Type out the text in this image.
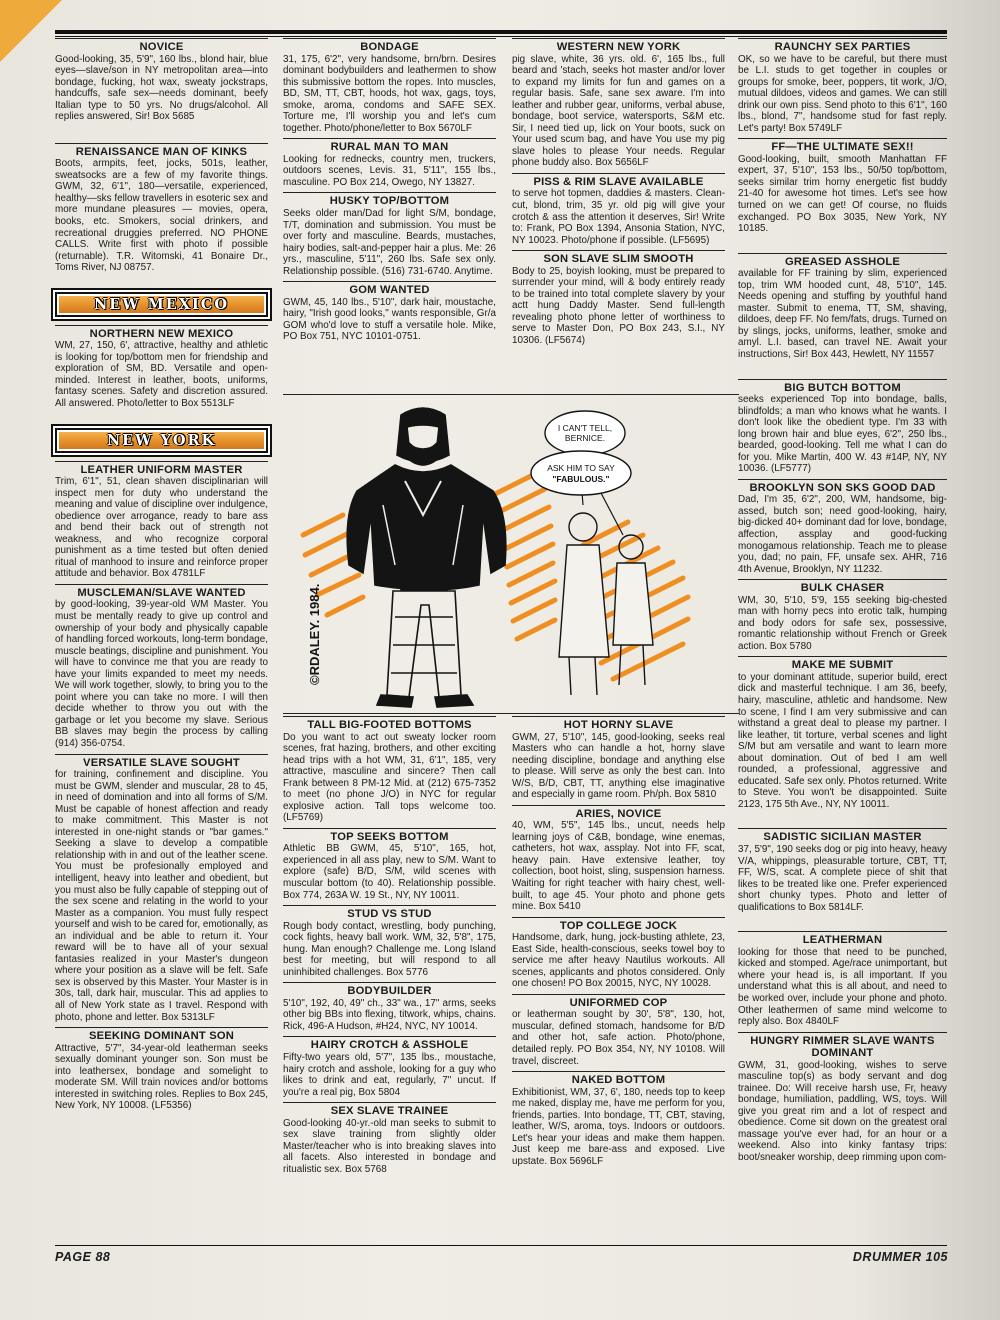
NOVICE

Good-looking, 35, 5'9", 160 lbs., blond hair, blue eyes—slave/son in NY metropolitan area—into bondage, fucking, hot wax, sweaty jockstraps, handcuffs, safe sex—needs dominant, beefy Italian type to 50 yrs. No drugs/alcohol. All replies answered, Sir! Box 5685

RENAISSANCE MAN OF KINKS

Boots, armpits, feet, jocks, 501s, leather, sweatsocks are a few of my favorite things. GWM, 32, 6'1", 180—versatile, experienced, healthy—sks fellow travellers in esoteric sex and more mundane pleasures — movies, opera, books, etc. Smokers, social drinkers, and recreational druggies preferred. NO PHONE CALLS. Write first with photo if possible (returnable). T.R. Witomski, 41 Bonaire Dr., Toms River, NJ 08757.

NEW MEXICO
NORTHERN NEW MEXICO

WM, 27, 150, 6', attractive, healthy and athletic is looking for top/bottom men for friendship and exploration of SM, BD. Versatile and open-minded. Interest in leather, boots, uniforms, fantasy scenes. Safety and discretion assured. All answered. Photo/letter to Box 5513LF

NEW YORK
LEATHER UNIFORM MASTER

Trim, 6'1", 51, clean shaven disciplinarian will inspect men for duty who understand the meaning and value of discipline over indulgence, obedience over arrogance, ready to bare ass and bend their back out of strength not weakness, and who recognize corporal punishment as a time tested but often denied ritual of manhood to insure and reinforce proper attitude and behavior. Box 4781LF

MUSCLEMAN/SLAVE WANTED

by good-looking, 39-year-old WM Master. You must be mentally ready to give up control and ownership of your body and physically capable of handling forced workouts, long-term bondage, muscle beatings, discipline and punishment. You will have to convince me that you are ready to have your limits expanded to meet my needs. We will work together, slowly, to bring you to the point where you can take no more. I will then decide whether to throw you out with the garbage or let you become my slave. Serious BB slaves may begin the process by calling (914) 356-0754.

VERSATILE SLAVE SOUGHT

for training, confinement and discipline. You must be GWM, slender and muscular, 28 to 45, in need of domination and into all forms of S/M. Must be capable of honest affection and ready to make commitment. This Master is not interested in one-night stands or "bar games." Seeking a slave to develop a compatible relationship with in and out of the leather scene. You must be profesionally employed and intelligent, heavy into leather and obedient, but you must also be fully capable of stepping out of the sex scene and relating in the world to your Master as a companion. You must fully respect yourself and wish to be cared for, emotionally, as an individual and be able to return it. Your reward will be to have all of your sexual fantasies realized in your Master's dungeon where your position as a slave will be felt. Safe sex is observed by this Master. Your Master is in 30s, tall, dark hair, muscular. This ad applies to all of New York state as I travel. Respond with photo, phone and letter. Box 5313LF

SEEKING DOMINANT SON

Attractive, 5'7", 34-year-old leatherman seeks sexually dominant younger son. Son must be into leathersex, bondage and somelight to moderate SM. Will train novices and/or bottoms interested in switching roles. Replies to Box 245, New York, NY 10008. (LF5356)

BONDAGE

31, 175, 6'2", very handsome, brn/brn. Desires dominant bodybuilders and leathermen to show this submissive bottom the ropes. Into muscles, BD, SM, TT, CBT, hoods, hot wax, gags, toys, smoke, aroma, condoms and SAFE SEX. Torture me, I'll worship you and let's cum together. Photo/phone/letter to Box 5670LF

RURAL MAN TO MAN

Looking for rednecks, country men, truckers, outdoors scenes, Levis. 31, 5'11", 155 lbs., masculine. PO Box 214, Owego, NY 13827.

HUSKY TOP/BOTTOM

Seeks older man/Dad for light S/M, bondage, T/T, domination and submission. You must be over forty and masculine. Beards, mustaches, hairy bodies, salt-and-pepper hair a plus. Me: 26 yrs., masculine, 5'11", 260 lbs. Safe sex only. Relationship possible. (516) 731-6740. Anytime.

GOM WANTED

GWM, 45, 140 lbs., 5'10", dark hair, moustache, hairy, "Irish good looks," wants responsible, Gr/a GOM who'd love to stuff a versatile hole. Mike, PO Box 751, NYC 10101-0751.

WESTERN NEW YORK

pig slave, white, 36 yrs. old. 6', 165 lbs., full beard and 'stach, seeks hot master and/or lover to expand my limits for fun and games on a regular basis. Safe, sane sex aware. I'm into leather and rubber gear, uniforms, verbal abuse, bondage, boot service, watersports, S&M etc. Sir, I need tied up, lick on Your boots, suck on Your used scum bag, and have You use my pig slave holes to please Your needs. Regular phone buddy also. Box 5656LF

PISS & RIM SLAVE AVAILABLE

to serve hot topmen, daddies & masters. Clean-cut, blond, trim, 35 yr. old pig will give your crotch & ass the attention it deserves, Sir! Write to: Frank, PO Box 1394, Ansonia Station, NYC, NY 10023. Photo/phone if possible. (LF5695)

SON SLAVE SLIM SMOOTH

Body to 25, boyish looking, must be prepared to surrender your mind, will & body entirely ready to be trained into total complete slavery by your actt hung Daddy Master. Send full-length revealing photo phone letter of worthiness to serve to Master Don, PO Box 243, S.I., NY 10306. (LF5674)

I CAN'T TELL,
BERNICE.
ASK HIM TO SAY
"FABULOUS."
©RDALEY. 1984.
RAUNCHY SEX PARTIES

OK, so we have to be careful, but there must be L.I. studs to get together in couples or groups for smoke, beer, poppers, tit work, J/O, mutual dildoes, videos and games. We can still drink our own piss. Send photo to this 6'1", 160 lbs., blond, 7", handsome stud for fast reply. Let's party! Box 5749LF

FF—THE ULTIMATE SEX!!

Good-looking, built, smooth Manhattan FF expert, 37, 5'10", 153 lbs., 50/50 top/bottom, seeks similar trim horny energetic fist buddy 21-40 for awesome hot times. Let's see how turned on we can get! Of course, no fluids exchanged. PO Box 3035, New York, NY 10185.

GREASED ASSHOLE

available for FF training by slim, experienced top, trim WM hooded cunt, 48, 5'10", 145. Needs opening and stuffing by youthful hand master. Submit to enema, TT, SM, shaving, dildoes, deep FF. No fem/fats, drugs. Turned on by slings, jocks, uniforms, leather, smoke and amyl. L.I. based, can travel NE. Await your instructions, Sir! Box 443, Hewlett, NY 11557

BIG BUTCH BOTTOM

seeks experienced Top into bondage, balls, blindfolds; a man who knows what he wants. I don't look like the obedient type. I'm 33 with long brown hair and blue eyes, 6'2", 250 lbs., bearded, good-looking. Tell me what I can do for you. Mike Martin, 400 W. 43 #14P, NY, NY 10036. (LF5777)

BROOKLYN SON SKS GOOD DAD

Dad, I'm 35, 6'2", 200, WM, handsome, big-assed, butch son; need good-looking, hairy, big-dicked 40+ dominant dad for love, bondage, affection, assplay and good-fucking monogamous relationship. Teach me to please you, dad; no pain, FF, unsafe sex. AHR, 716 4th Avenue, Brooklyn, NY 11232.

BULK CHASER

WM, 30, 5'10, 5'9, 155 seeking big-chested man with horny pecs into erotic talk, humping and body odors for safe sex, possessive, romantic relationship without French or Greek action. Box 5780

MAKE ME SUBMIT

to your dominant attitude, superior build, erect dick and masterful technique. I am 36, beefy, hairy, masculine, athletic and handsome. New to scene, I find I am very submissive and can withstand a great deal to please my partner. I like leather, tit torture, verbal scenes and light S/M but am versatile and want to learn more about domination. Out of bed I am well rounded, a professional, aggressive and educated. Safe sex only. Photos returned. Write to Steve. You won't be disappointed. Suite 2123, 175 5th Ave., NY, NY 10011.

SADISTIC SICILIAN MASTER

37, 5'9", 190 seeks dog or pig into heavy, heavy V/A, whippings, pleasurable torture, CBT, TT, FF, W/S, scat. A complete piece of shit that likes to be treated like one. Prefer experienced short chunky types. Photo and letter of qualifications to Box 5814LF.

LEATHERMAN

looking for those that need to be punched, kicked and stomped. Age/race unimportant, but where your head is, is all important. If you understand what this is all about, and need to be worked over, include your phone and photo. Other leathermen of same mind welcome to reply also. Box 4840LF

HUNGRY RIMMER SLAVE WANTS DOMINANT

GWM, 31, good-looking, wishes to serve masculine top(s) as body servant and dog trainee. Do: Will receive harsh use, Fr, heavy bondage, humiliation, paddling, WS, toys. Will give you great rim and a lot of respect and obedience. Come sit down on the greatest oral massage you've ever had, for an hour or a weekend. Also into kinky fantasy trips: boot/sneaker worship, deep rimming upon com-

TALL BIG-FOOTED BOTTOMS

Do you want to act out sweaty locker room scenes, frat hazing, brothers, and other exciting head trips with a hot WM, 31, 6'1", 185, very attractive, masculine and sincere? Then call Frank between 8 PM-12 Mid. at (212) 675-7352 to meet (no phone J/O) in NYC for regular explosive action. Tall tops welcome too. (LF5769)

TOP SEEKS BOTTOM

Athletic BB GWM, 45, 5'10", 165, hot, experienced in all ass play, new to S/M. Want to explore (safe) B/D, S/M, wild scenes with muscular bottom (to 40). Relationship possible. Box 774, 263A W. 19 St., NY, NY 10011.

STUD VS STUD

Rough body contact, wrestling, body punching, cock fights, heavy ball work. WM, 32, 5'8", 175, hung. Man enough? Challenge me. Long Island best for meeting, but will respond to all uninhibited challenges. Box 5776

BODYBUILDER

5'10", 192, 40, 49" ch., 33" wa., 17" arms, seeks other big BBs into flexing, titwork, whips, chains. Rick, 496-A Hudson, #H24, NYC, NY 10014.

HAIRY CROTCH & ASSHOLE

Fifty-two years old, 5'7", 135 lbs., moustache, hairy crotch and asshole, looking for a guy who likes to drink and eat, regularly, 7" uncut. If you're a real pig, Box 5804

SEX SLAVE TRAINEE

Good-looking 40-yr.-old man seeks to submit to sex slave training from slightly older Master/teacher who is into breaking slaves into all facets. Also interested in bondage and ritualistic sex. Box 5768

HOT HORNY SLAVE

GWM, 27, 5'10", 145, good-looking, seeks real Masters who can handle a hot, horny slave needing discipline, bondage and anything else to please. Will serve as only the best can. Into W/S, B/D, CBT, TT, anything else imaginative and especially in game room. Ph/ph. Box 5810

ARIES, NOVICE

40, WM, 5'5", 145 lbs., uncut, needs help learning joys of C&B, bondage, wine enemas, catheters, hot wax, assplay. Not into FF, scat, heavy pain. Have extensive leather, toy collection, boot hoist, sling, suspension harness. Waiting for right teacher with hairy chest, well-built, to age 45. Your photo and phone gets mine. Box 5410

TOP COLLEGE JOCK

Handsome, dark, hung, jock-busting athlete, 23, East Side, health-conscious, seeks towel boy to service me after heavy Nautilus workouts. All scenes, applicants and photos considered. Only one chosen! PO Box 20015, NYC, NY 10028.

UNIFORMED COP

or leatherman sought by 30', 5'8", 130, hot, muscular, defined stomach, handsome for B/D and other hot, safe action. Photo/phone, detailed reply. PO Box 354, NY, NY 10108. Will travel, discreet.

NAKED BOTTOM

Exhibitionist, WM, 37, 6', 180, needs top to keep me naked, display me, have me perform for you, friends, parties. Into bondage, TT, CBT, staving, leather, W/S, aroma, toys. Indoors or outdoors. Let's hear your ideas and make them happen. Just keep me bare-ass and exposed. Live upstate. Box 5696LF

PAGE 88	DRUMMER 105
